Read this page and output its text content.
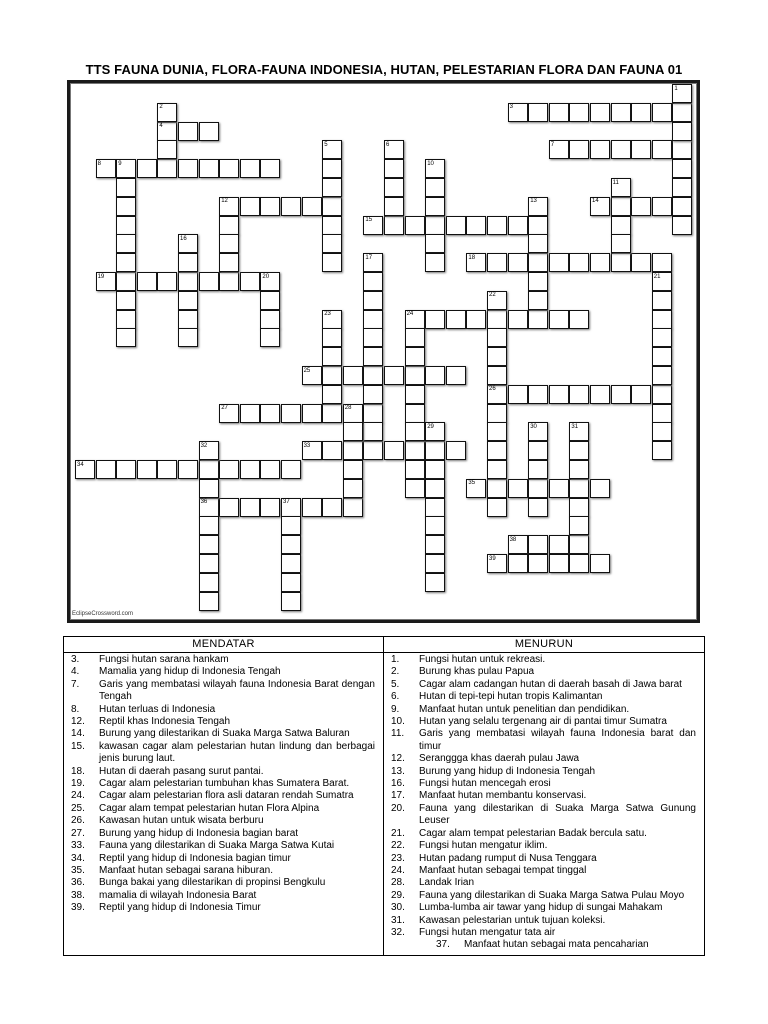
TTS FAUNA DUNIA, FLORA-FAUNA INDONESIA, HUTAN, PELESTARIAN FLORA DAN FAUNA 01
1
2	3
4
5	6	7
8	9	10
11
12	13	14
15
16
17	18
19	20	21
22
23	24
25
26
27	28
29	30	31
32	33
34
35
36	37
38
39
EclipseCrossword.com
MENDATAR
3. Fungsi hutan sarana hankam
4. Mamalia yang hidup di Indonesia Tengah
7. Garis yang membatasi wilayah fauna Indonesia Barat dengan Tengah
8. Hutan terluas di Indonesia
12. Reptil khas Indonesia Tengah
14. Burung yang dilestarikan di Suaka Marga Satwa Baluran
15. kawasan cagar alam pelestarian hutan lindung dan berbagai jenis burung laut.
18. Hutan di daerah pasang surut pantai.
19. Cagar alam pelestarian tumbuhan khas Sumatera Barat.
24. Cagar alam pelestarian flora asli dataran rendah Sumatra
25. Cagar alam tempat pelestarian hutan Flora Alpina
26. Kawasan hutan untuk wisata berburu
27. Burung yang hidup di Indonesia bagian barat
33. Fauna yang dilestarikan di Suaka Marga Satwa Kutai
34. Reptil yang hidup di Indonesia bagian timur
35. Manfaat hutan sebagai sarana hiburan.
36. Bunga bakai yang dilestarikan di propinsi Bengkulu
38. mamalia di wilayah Indonesia Barat
39. Reptil yang hidup di Indonesia Timur
MENURUN
1. Fungsi hutan untuk rekreasi.
2. Burung khas pulau Papua
5. Cagar alam cadangan hutan di daerah basah di Jawa barat
6. Hutan di tepi-tepi hutan tropis Kalimantan
9. Manfaat hutan untuk penelitian dan pendidikan.
10. Hutan yang selalu tergenang air di pantai timur Sumatra
11. Garis yang membatasi wilayah fauna Indonesia barat dan timur
12. Serangggа khas daerah pulau Jawa
13. Burung yang hidup di Indonesia Tengah
16. Fungsi hutan mencegah erosi
17. Manfaat hutan membantu konservasi.
20. Fauna yang dilestarikan di Suaka Marga Satwa Gunung Leuser
21. Cagar alam tempat pelestarian Badak bercula satu.
22. Fungsi hutan mengatur iklim.
23. Hutan padang rumput di Nusa Tenggara
24. Manfaat hutan sebagai tempat tinggal
28. Landak Irian
29. Fauna yang dilestarikan di Suaka Marga Satwa Pulau Moyo
30. Lumba-lumba air tawar yang hidup di sungai Mahakam
31. Kawasan pelestarian untuk tujuan koleksi.
32. Fungsi hutan mengatur tata air
37. Manfaat hutan sebagai mata pencaharian
